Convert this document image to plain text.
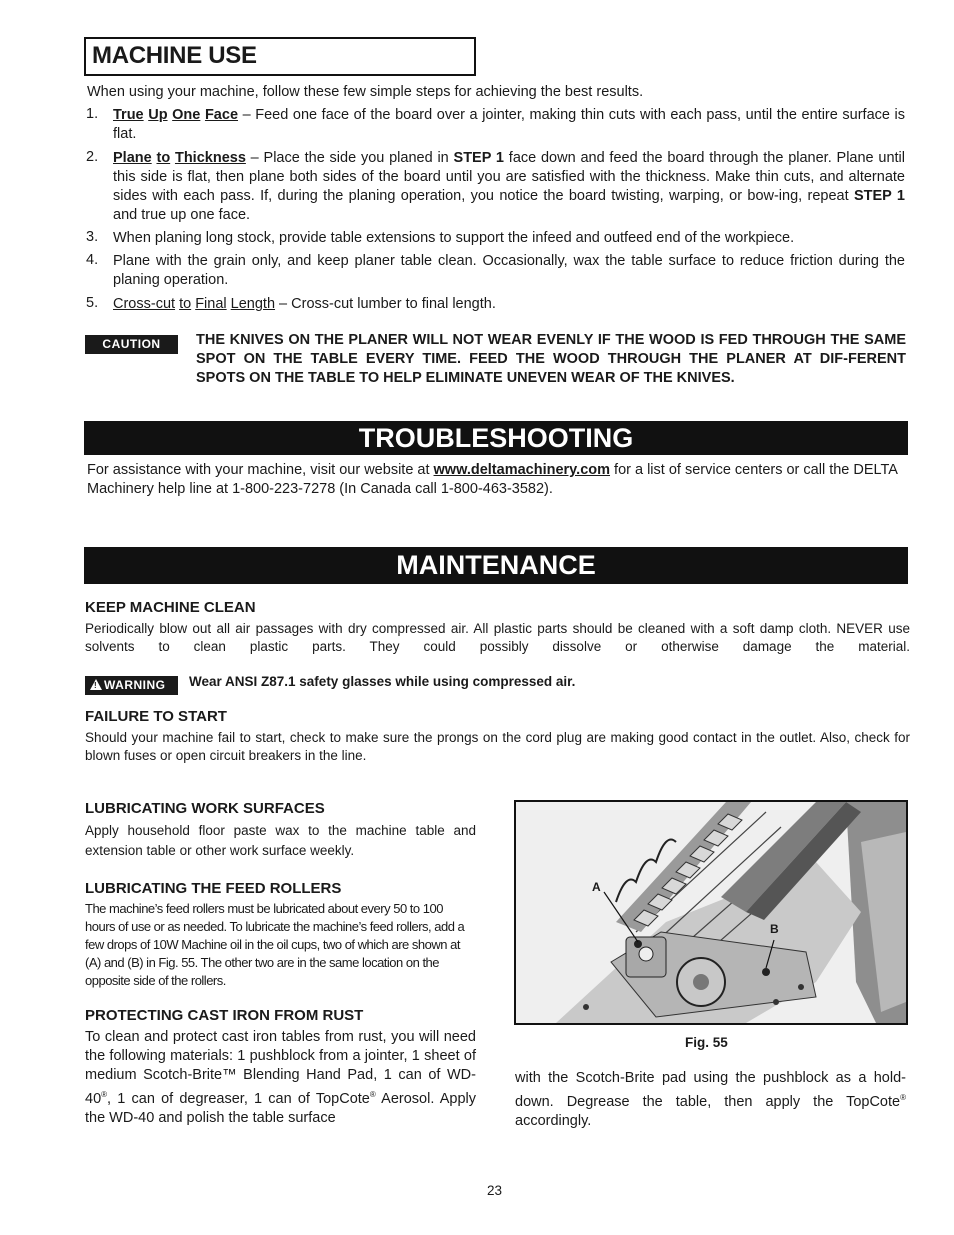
MACHINE USE
When using your machine, follow these few simple steps for achieving the best results.
1. True Up One Face – Feed one face of the board over a jointer, making thin cuts with each pass, until the entire surface is flat.
2. Plane to Thickness – Place the side you planed in STEP 1 face down and feed the board through the planer. Plane until this side is flat, then plane both sides of the board until you are satisfied with the thickness. Make thin cuts, and alternate sides with each pass. If, during the planing operation, you notice the board twisting, warping, or bow-ing, repeat STEP 1 and true up one face.
3. When planing long stock, provide table extensions to support the infeed and outfeed end of the workpiece.
4. Plane with the grain only, and keep planer table clean. Occasionally, wax the table surface to reduce friction during the planing operation.
5. Cross-cut to Final Length – Cross-cut lumber to final length.
CAUTION	THE KNIVES ON THE PLANER WILL NOT WEAR EVENLY IF THE WOOD IS FED THROUGH THE SAME SPOT ON THE TABLE EVERY TIME. FEED THE WOOD THROUGH THE PLANER AT DIF-FERENT SPOTS ON THE TABLE TO HELP ELIMINATE UNEVEN WEAR OF THE KNIVES.
TROUBLESHOOTING
For assistance with your machine, visit our website at www.deltamachinery.com for a list of service centers or call the DELTA Machinery help line at 1-800-223-7278 (In Canada call 1-800-463-3582).
MAINTENANCE
KEEP MACHINE CLEAN
Periodically blow out all air passages with dry compressed air. All plastic parts should be cleaned with a soft damp cloth. NEVER use solvents to clean plastic parts. They could possibly dissolve or otherwise damage the material.
! WARNING Wear ANSI Z87.1 safety glasses while using compressed air.
FAILURE TO START
Should your machine fail to start, check to make sure the prongs on the cord plug are making good contact in the outlet. Also, check for blown fuses or open circuit breakers in the line.
LUBRICATING WORK SURFACES
Apply household floor paste wax to the machine table and extension table or other work surface weekly.
LUBRICATING THE FEED ROLLERS
The machine’s feed rollers must be lubricated about every 50 to 100 hours of use or as needed. To lubricate the machine’s feed rollers, add a few drops of 10W Machine oil in the oil cups, two of which are shown at (A) and (B) in Fig. 55. The other two are in the same location on the opposite side of the rollers.
PROTECTING CAST IRON FROM RUST
To clean and protect cast iron tables from rust, you will need the following materials: 1 pushblock from a jointer, 1 sheet of medium Scotch-Brite™ Blending Hand Pad, 1 can of WD-40®, 1 can of degreaser, 1 can of TopCote® Aerosol. Apply the WD-40 and polish the table surface
A
B
Fig. 55
with the Scotch-Brite pad using the pushblock as a hold-down. Degrease the table, then apply the TopCote® accordingly.
23
